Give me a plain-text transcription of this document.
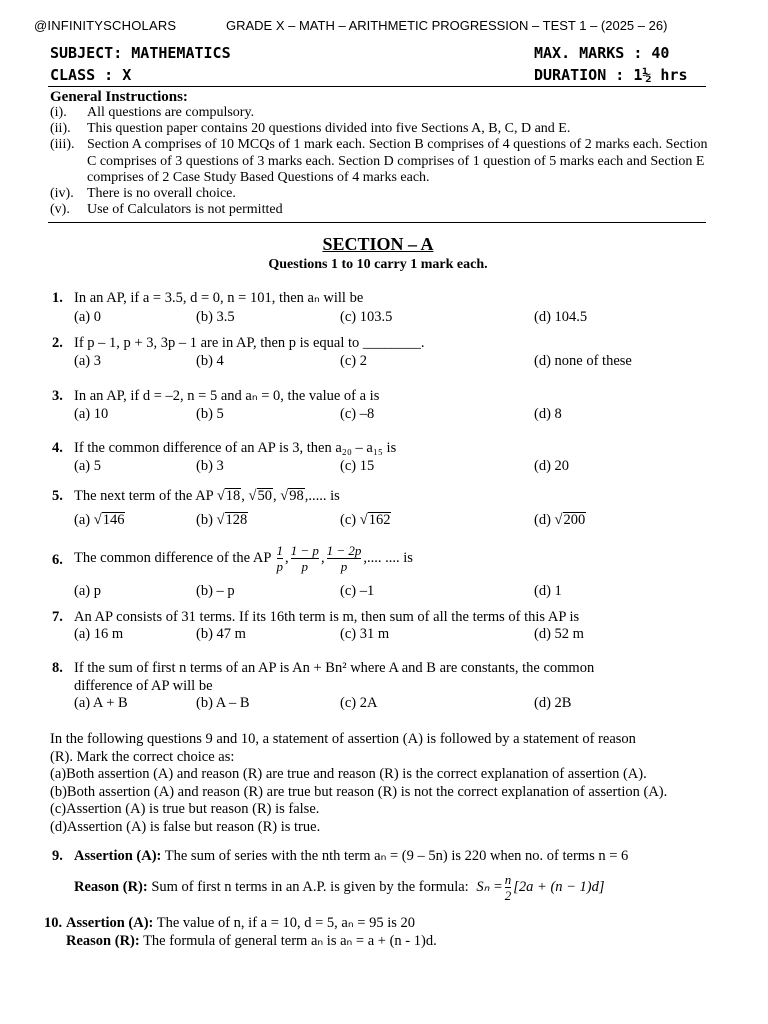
@INFINITYSCHOLARS	GRADE X – MATH – ARITHMETIC PROGRESSION – TEST 1 – (2025 – 26)
SUBJECT: MATHEMATICS
CLASS : X
MAX. MARKS : 40
DURATION : 1½ hrs
General Instructions:
(i).	All questions are compulsory.
(ii).	This question paper contains 20 questions divided into five Sections A, B, C, D and E.
(iii). Section A comprises of 10 MCQs of 1 mark each. Section B comprises of 4 questions of 2 marks each. Section C comprises of 3 questions of 3 marks each. Section D comprises of 1 question of 5 marks each and Section E comprises of 2 Case Study Based Questions of 4 marks each.
(iv). There is no overall choice.
(v).	Use of Calculators is not permitted
SECTION – A
Questions 1 to 10 carry 1 mark each.
1. In an AP, if a = 3.5, d = 0, n = 101, then aₙ will be
(a) 0	(b) 3.5	(c) 103.5	(d) 104.5
2. If p – 1, p + 3, 3p – 1 are in AP, then p is equal to ________.
(a) 3	(b) 4	(c) 2	(d) none of these
3. In an AP, if d = –2, n = 5 and aₙ = 0, the value of a is
(a) 10	(b) 5	(c) –8	(d) 8
4. If the common difference of an AP is 3, then a₂₀ – a₁₅ is
(a) 5	(b) 3	(c) 15	(d) 20
5. The next term of the AP √18, √50, √98,..... is
(a) √146	(b) √128	(c) √162	(d) √200
6. The common difference of the AP $\frac{1}{p}$ , $\frac{1 - p}{p}$ , $\frac{1 - 2p}{p}$ ,.... .... is
(a) p	(b) – p	(c) –1	(d) 1
7. An AP consists of 31 terms. If its 16th term is m, then sum of all the terms of this AP is
(a) 16 m	(b) 47 m	(c) 31 m	(d) 52 m
8. If the sum of first n terms of an AP is An + Bn² where A and B are constants, the common
difference of AP will be
(a) A + B	(b) A – B	(c) 2A	(d) 2B
In the following questions 9 and 10, a statement of assertion (A) is followed by a statement of reason
(R). Mark the correct choice as:
(a)Both assertion (A) and reason (R) are true and reason (R) is the correct explanation of assertion (A).
(b)Both assertion (A) and reason (R) are true but reason (R) is not the correct explanation of assertion (A).
(c)Assertion (A) is true but reason (R) is false.
(d)Assertion (A) is false but reason (R) is true.
9. Assertion (A): The sum of series with the nth term aₙ = (9 – 5n) is 220 when no. of terms n = 6
Reason (R): Sum of first n terms in an A.P. is given by the formula: $S_n = \frac{n}{2} [2a + (n - 1)d]$
10. Assertion (A): The value of n, if a = 10, d = 5, aₙ = 95 is 20
Reason (R): The formula of general term aₙ is aₙ = a + (n - 1)d.
